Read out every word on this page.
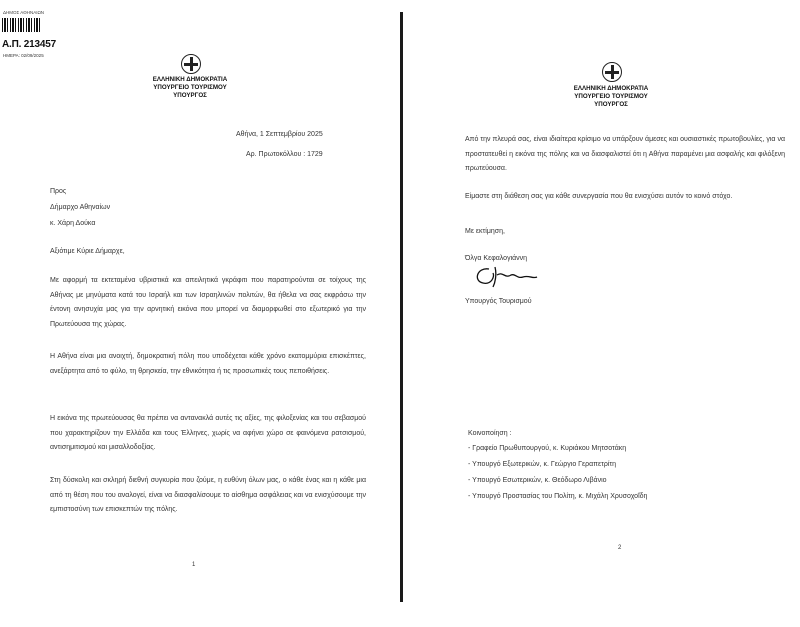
ΔΗΜΟΣ ΑΘΗΝΑΙΩΝ
Α.Π. 213457
ΗΜΕΡΑ: 02/09/2025
ΕΛΛΗΝΙΚΗ ΔΗΜΟΚΡΑΤΙΑ
ΥΠΟΥΡΓΕΙΟ ΤΟΥΡΙΣΜΟΥ
ΥΠΟΥΡΓΟΣ
Αθήνα, 1 Σεπτεμβρίου 2025
Αρ. Πρωτοκόλλου : 1729
Προς
Δήμαρχο Αθηναίων
κ. Χάρη Δούκα
Αξιότιμε Κύριε Δήμαρχε,
Με αφορμή τα εκτεταμένα υβριστικά και απειλητικά γκράφιτι που παρατηρούνται σε τοίχους της Αθήνας με μηνύματα κατά του Ισραήλ και των Ισραηλινών πολιτών, θα ήθελα να σας εκφράσω την έντονη ανησυχία μας για την αρνητική εικόνα που μπορεί να διαμορφωθεί στο εξωτερικό για την Πρωτεύουσα της χώρας.
Η Αθήνα είναι μια ανοιχτή, δημοκρατική πόλη που υποδέχεται κάθε χρόνο εκατομμύρια επισκέπτες, ανεξάρτητα από το φύλο, τη θρησκεία, την εθνικότητα ή τις προσωπικές τους πεποιθήσεις.
Η εικόνα της πρωτεύουσας θα πρέπει να αντανακλά αυτές τις αξίες, της φιλοξενίας και του σεβασμού που χαρακτηρίζουν την Ελλάδα και τους Έλληνες, χωρίς να αφήνει χώρο σε φαινόμενα ρατσισμού, αντισημιτισμού και μισαλλοδοξίας.
Στη δύσκολη και σκληρή διεθνή συγκυρία που ζούμε, η ευθύνη όλων μας, ο κάθε ένας και η κάθε μια από τη θέση που του αναλογεί, είναι να διασφαλίσουμε το αίσθημα ασφάλειας και να ενισχύσουμε την εμπιστοσύνη των επισκεπτών της πόλης.
1
ΕΛΛΗΝΙΚΗ ΔΗΜΟΚΡΑΤΙΑ
ΥΠΟΥΡΓΕΙΟ ΤΟΥΡΙΣΜΟΥ
ΥΠΟΥΡΓΟΣ
Από την πλευρά σας, είναι ιδιαίτερα κρίσιμο να υπάρξουν άμεσες και ουσιαστικές πρωτοβουλίες, για να προστατευθεί η εικόνα της πόλης και να διασφαλιστεί ότι η Αθήνα παραμένει μια ασφαλής και φιλόξενη πρωτεύουσα.
Είμαστε στη διάθεση σας για κάθε συνεργασία που θα ενισχύσει αυτόν το κοινό στόχο.
Με εκτίμηση,
Όλγα Κεφαλογιάννη
Υπουργός Τουρισμού
Κοινοποίηση :
- Γραφείο Πρωθυπουργού, κ. Κυριάκου Μητσοτάκη
- Υπουργό Εξωτερικών, κ. Γεώργιο Γεραπετρίτη
- Υπουργό Εσωτερικών, κ. Θεόδωρο Λιβάνιο
- Υπουργό Προστασίας του Πολίτη, κ. Μιχάλη Χρυσοχοΐδη
2
